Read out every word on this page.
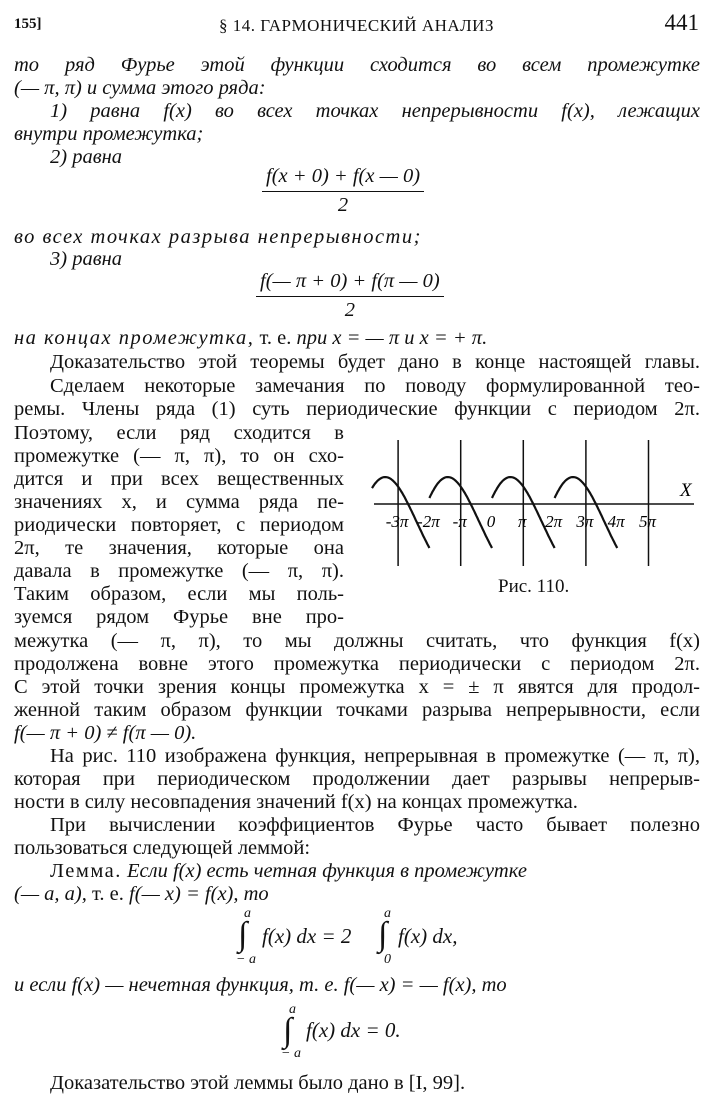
155]	§ 14. ГАРМОНИЧЕСКИЙ АНАЛИЗ	441
то ряд Фурье этой функции сходится во всем промежутке
(— π, π) и сумма этого ряда:
1) равна f(x) во всех точках непрерывности f(x), лежащих
внутри промежутка;
2) равна
$\frac{f(x + 0) + f(x — 0)}{2}$
во всех точках разрыва непрерывности;
3) равна
$\frac{f(— \pi + 0) + f(\pi — 0)}{2}$
на концах промежутка, т. е. при x = — π и x = + π.
Доказательство этой теоремы будет дано в конце настоящей главы.
Сделаем некоторые замечания по поводу формулированной тео-
ремы. Члены ряда (1) суть периодические функции с периодом 2π.
Поэтому, если ряд сходится в
промежутке (— π, π), то он схо-
дится и при всех вещественных
значениях x, и сумма ряда пе-
риодически повторяет, с периодом
2π, те значения, которые она
давала в промежутке (— π, π).
Таким образом, если мы поль-
зуемся рядом Фурье вне про-
X
-3π -2π -π 0 π 2π 3π 4π 5π
Рис. 110.
межутка (— π, π), то мы должны считать, что функция f(x)
продолжена вовне этого промежутка периодически с периодом 2π.
С этой точки зрения концы промежутка x = ± π явятся для продол-
женной таким образом функции точками разрыва непрерывности, если
f(— π + 0) ≠ f(π — 0).
На рис. 110 изображена функция, непрерывная в промежутке (— π, π),
которая при периодическом продолжении дает разрывы непрерыв-
ности в силу несовпадения значений f(x) на концах промежутка.
При вычислении коэффициентов Фурье часто бывает полезно
пользоваться следующей леммой:
Лемма. Если f(x) есть четная функция в промежутке
(— a, a), т. е. f(— x) = f(x), то
a
∫
− a
f(x) dx = 2
a
∫
0
f(x) dx,
и если f(x) — нечетная функция, т. е. f(— x) = — f(x), то
a
∫
− a
f(x) dx = 0.
Доказательство этой леммы было дано в [I, 99].
